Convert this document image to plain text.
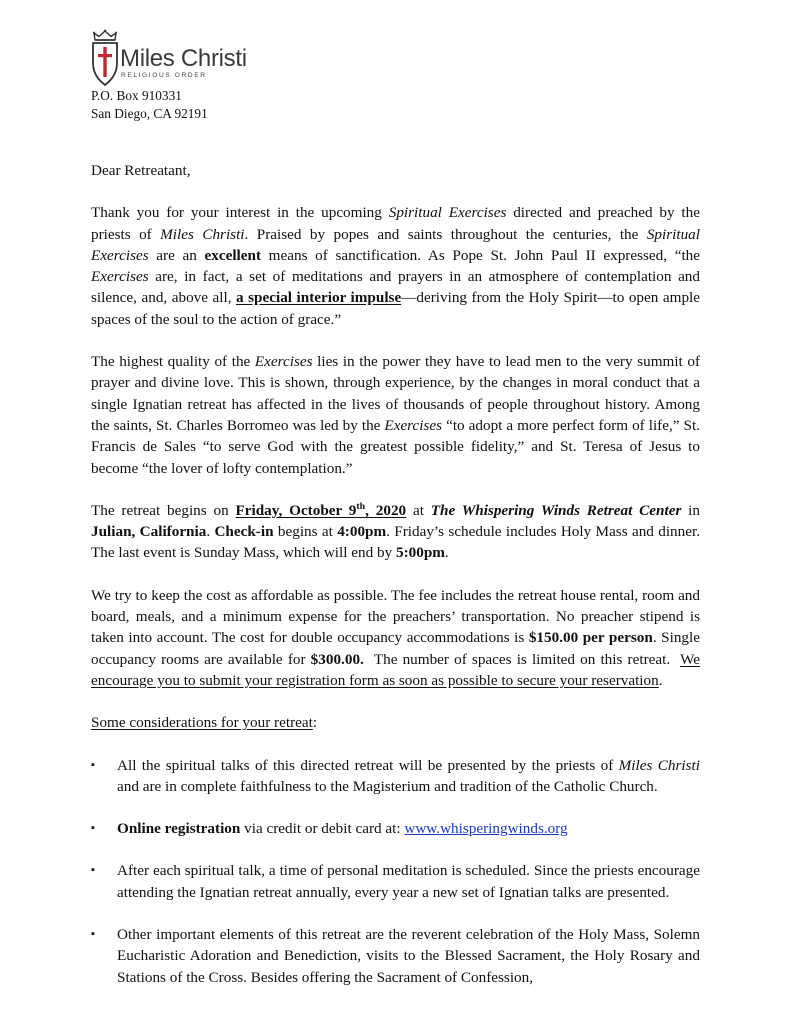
Miles Christi
RELIGIOUS ORDER
P.O. Box 910331
San Diego, CA 92191

Dear Retreatant,

Thank you for your interest in the upcoming Spiritual Exercises directed and preached by the priests of Miles Christi. Praised by popes and saints throughout the centuries, the Spiritual Exercises are an excellent means of sanctification. As Pope St. John Paul II expressed, “the Exercises are, in fact, a set of meditations and prayers in an atmosphere of contemplation and silence, and, above all, a special interior impulse—deriving from the Holy Spirit—to open ample spaces of the soul to the action of grace.”

The highest quality of the Exercises lies in the power they have to lead men to the very summit of prayer and divine love. This is shown, through experience, by the changes in moral conduct that a single Ignatian retreat has affected in the lives of thousands of people throughout history. Among the saints, St. Charles Borromeo was led by the Exercises “to adopt a more perfect form of life,” St. Francis de Sales “to serve God with the greatest possible fidelity,” and St. Teresa of Jesus to become “the lover of lofty contemplation.”

The retreat begins on Friday, October 9th, 2020 at The Whispering Winds Retreat Center in Julian, California. Check-in begins at 4:00pm. Friday’s schedule includes Holy Mass and dinner. The last event is Sunday Mass, which will end by 5:00pm.

We try to keep the cost as affordable as possible. The fee includes the retreat house rental, room and board, meals, and a minimum expense for the preachers’ transportation. No preacher stipend is taken into account. The cost for double occupancy accommodations is $150.00 per person. Single occupancy rooms are available for $300.00.  The number of spaces is limited on this retreat.  We encourage you to submit your registration form as soon as possible to secure your reservation.

Some considerations for your retreat:

▪ All the spiritual talks of this directed retreat will be presented by the priests of Miles Christi and are in complete faithfulness to the Magisterium and tradition of the Catholic Church.
▪ Online registration via credit or debit card at: www.whisperingwinds.org
▪ After each spiritual talk, a time of personal meditation is scheduled. Since the priests encourage attending the Ignatian retreat annually, every year a new set of Ignatian talks are presented.
▪ Other important elements of this retreat are the reverent celebration of the Holy Mass, Solemn Eucharistic Adoration and Benediction, visits to the Blessed Sacrament, the Holy Rosary and Stations of the Cross. Besides offering the Sacrament of Confession,
